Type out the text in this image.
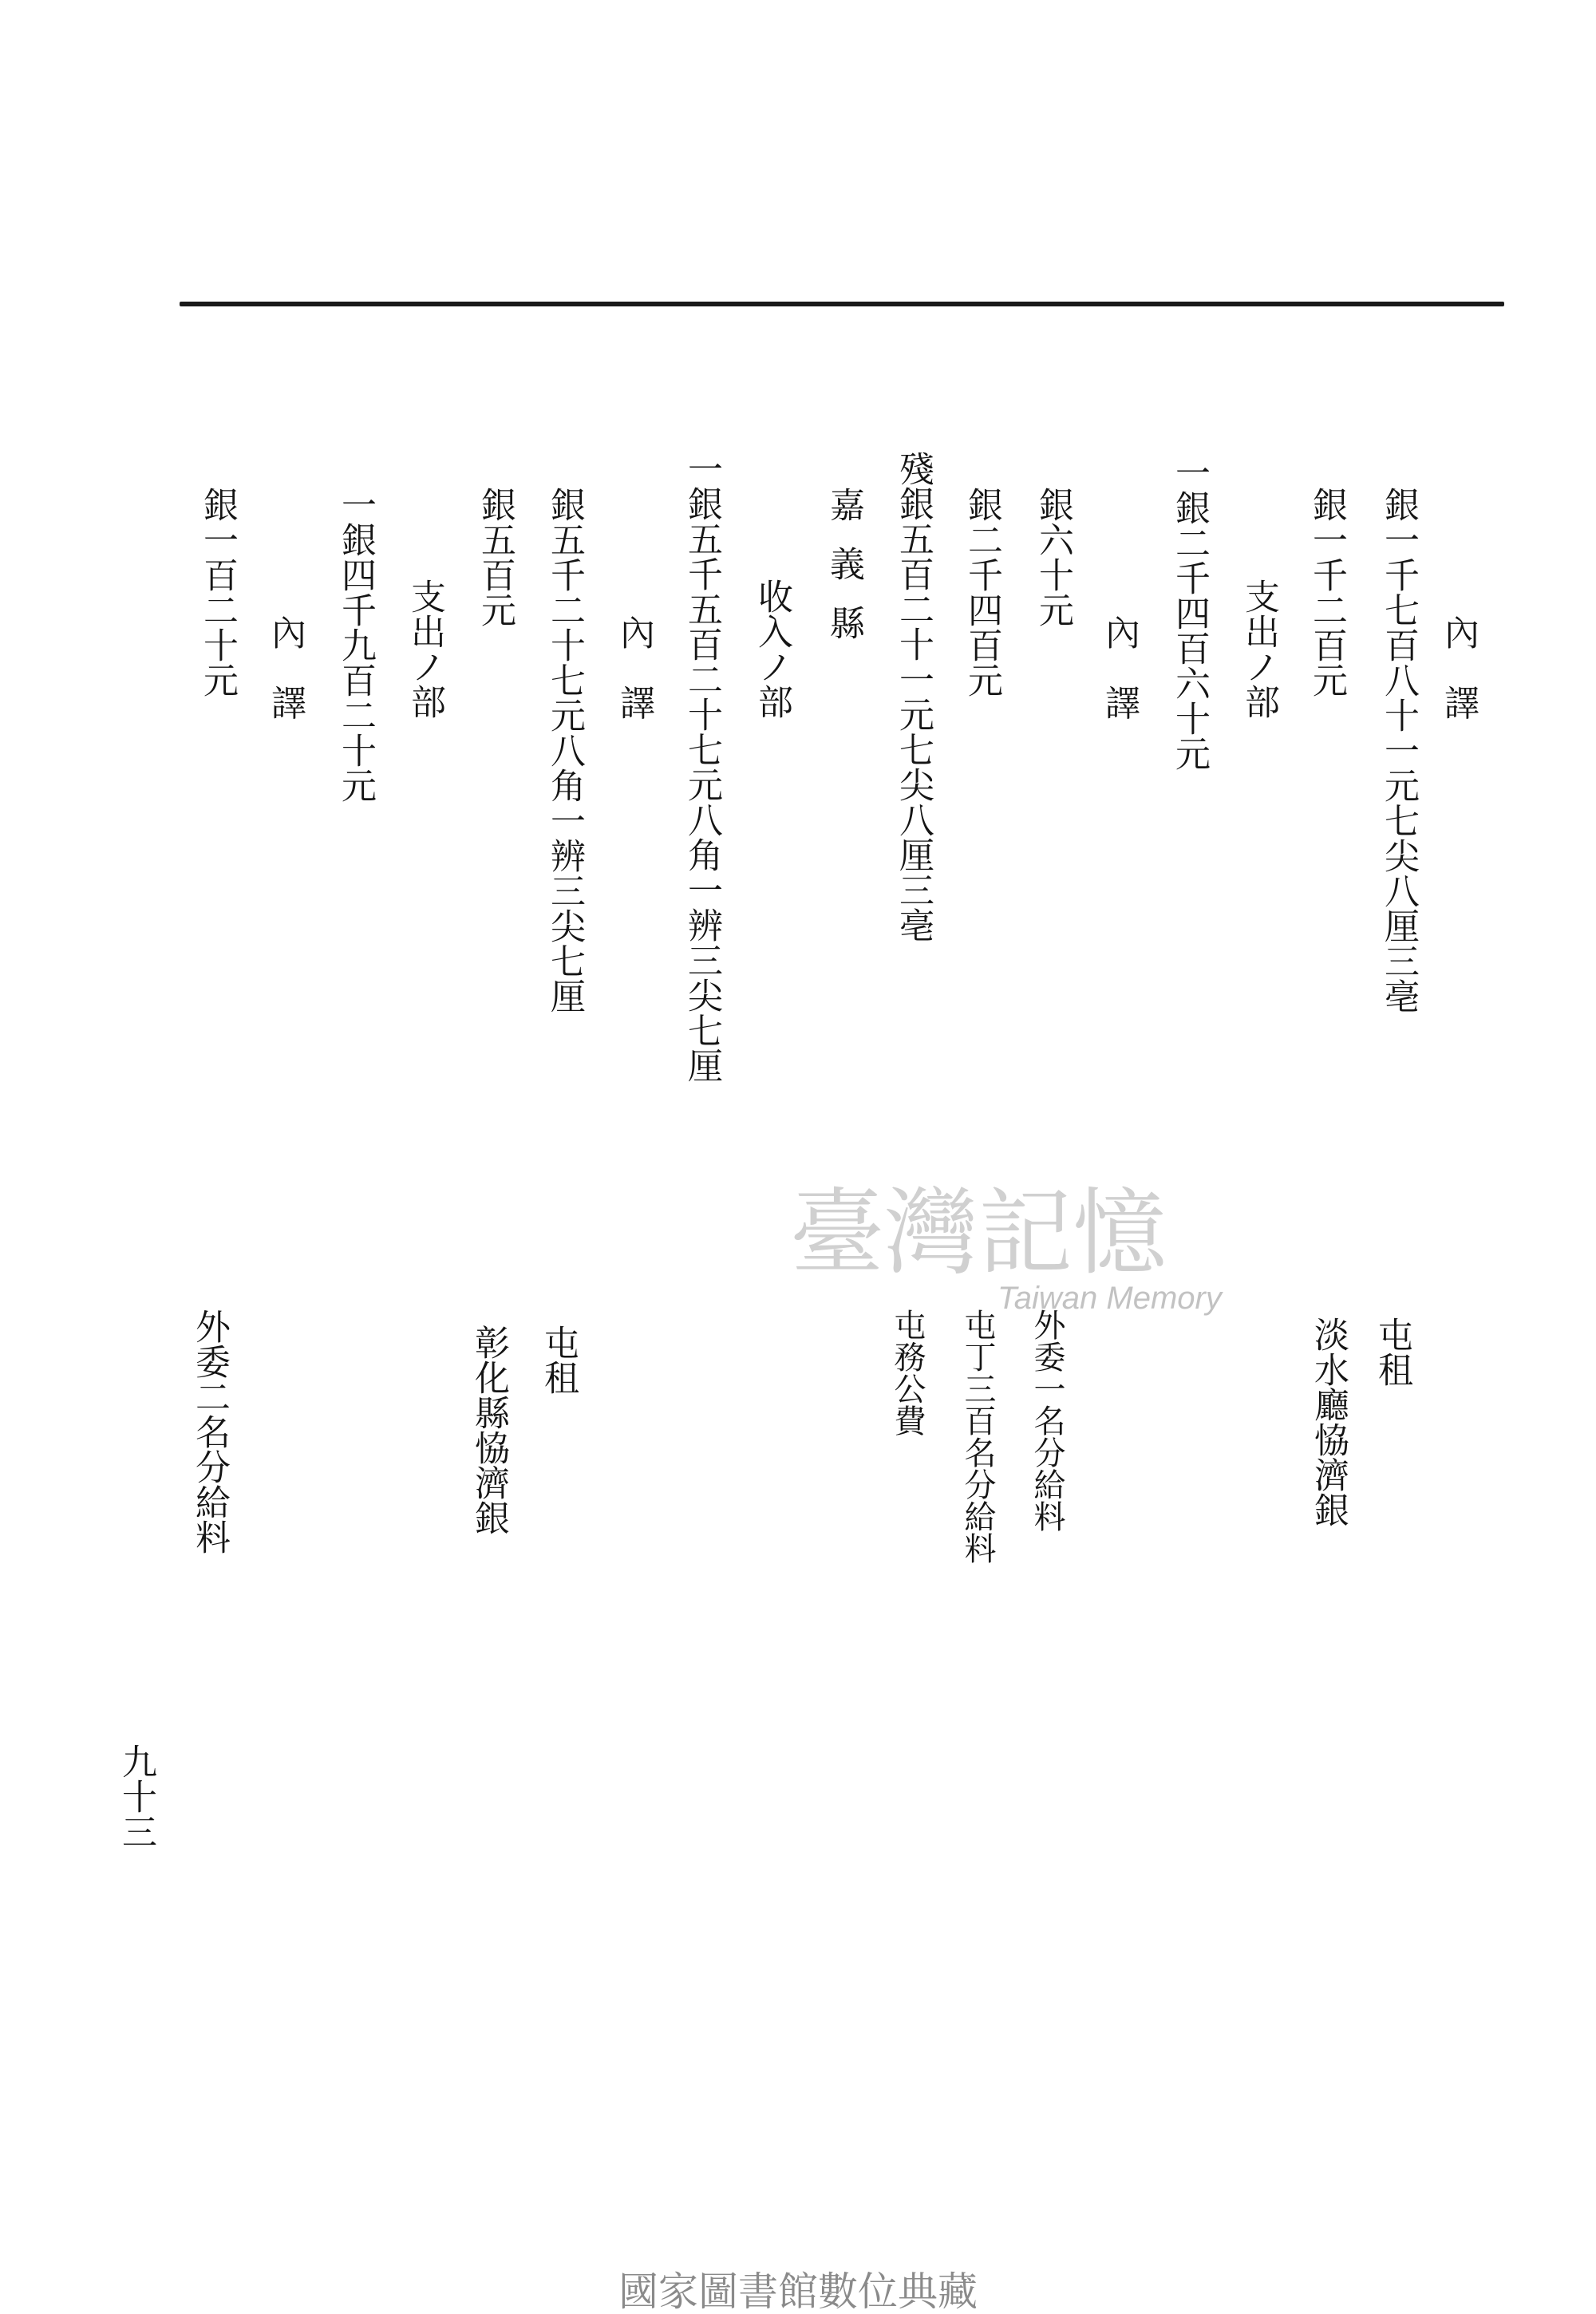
內　譯
銀一千七百八十一元七尖八厘三亳
銀一千二百元
支出ノ部
一銀二千四百六十元
內　譯
銀六十元
銀二千四百元
殘銀五百二十一元七尖八厘三亳
嘉義縣
收入ノ部
一銀五千五百二十七元八角一辨三尖七厘
內　譯
銀五千二十七元八角一辨三尖七厘
銀五百元
支出ノ部
一銀四千九百二十元
內　譯
銀一百二十元
臺灣記憶
Taiwan Memory
屯租
淡水廳恊濟銀
外委一名分給料
屯丁三百名分給料
屯務公費
屯租
彰化縣恊濟銀
外委二名分給料
九十三
國家圖書館數位典藏
